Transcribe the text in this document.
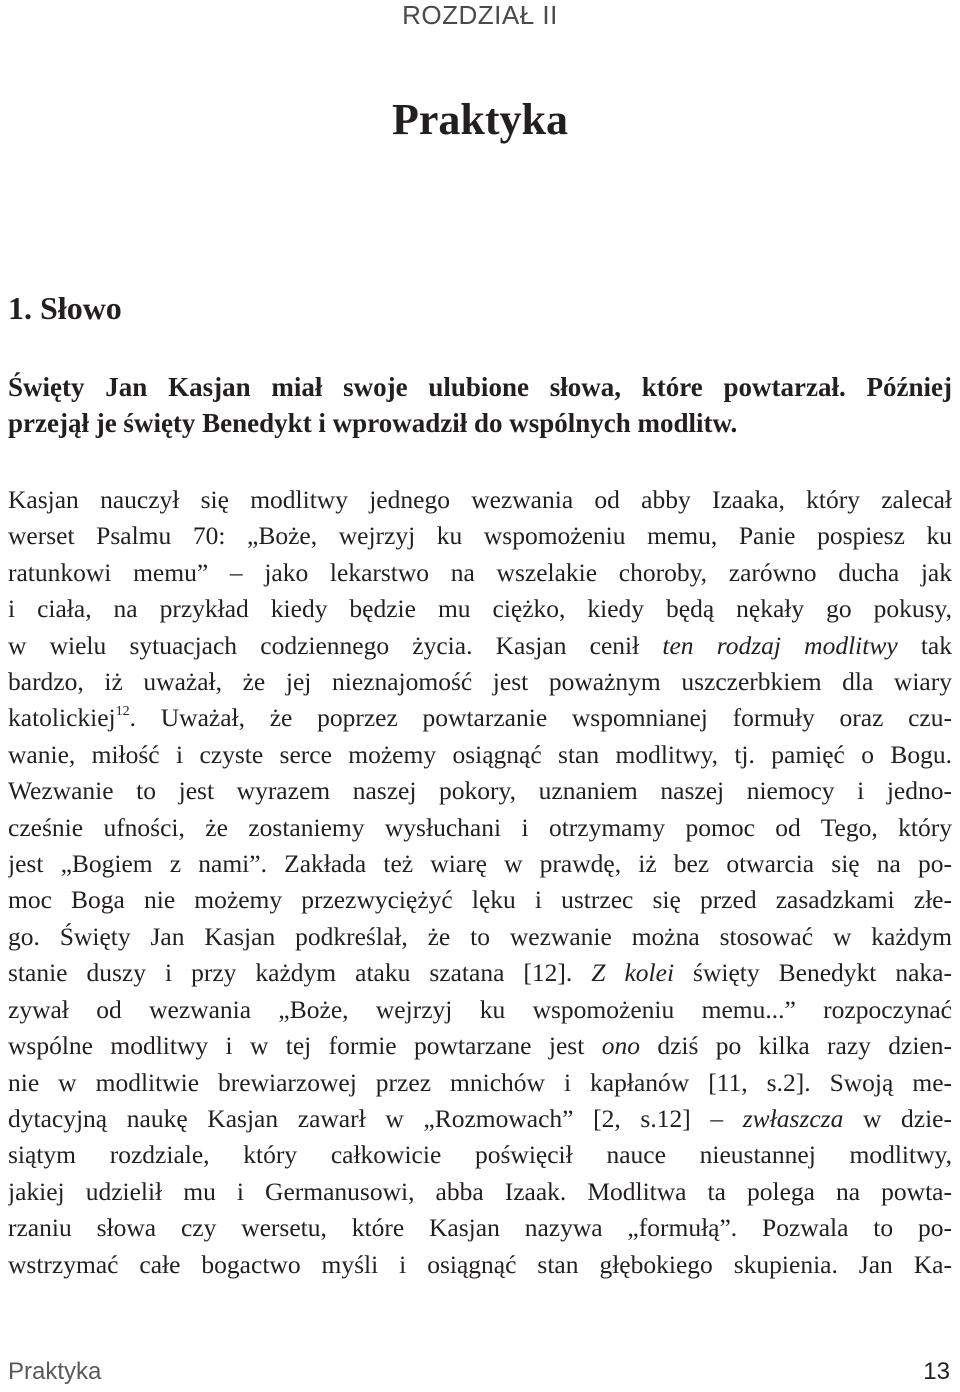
ROZDZIAŁ II
Praktyka
1. Słowo
Święty Jan Kasjan miał swoje ulubione słowa, które powtarzał. Później
przejął je święty Benedykt i wprowadził do wspólnych modlitw.
Kasjan nauczył się modlitwy jednego wezwania od abby Izaaka, który zalecał
werset Psalmu 70: „Boże, wejrzyj ku wspomożeniu memu, Panie pospiesz ku
ratunkowi memu” – jako lekarstwo na wszelakie choroby, zarówno ducha jak
i ciała, na przykład kiedy będzie mu ciężko, kiedy będą nękały go pokusy,
w wielu sytuacjach codziennego życia. Kasjan cenił ten rodzaj modlitwy tak
bardzo, iż uważał, że jej nieznajomość jest poważnym uszczerbkiem dla wiary
katolickiej$^{12}$. Uważał, że poprzez powtarzanie wspomnianej formuły oraz czu-
wanie, miłość i czyste serce możemy osiągnąć stan modlitwy, tj. pamięć o Bogu.
Wezwanie to jest wyrazem naszej pokory, uznaniem naszej niemocy i jedno-
cześnie ufności, że zostaniemy wysłuchani i otrzymamy pomoc od Tego, który
jest „Bogiem z nami”. Zakłada też wiarę w prawdę, iż bez otwarcia się na po-
moc Boga nie możemy przezwyciężyć lęku i ustrzec się przed zasadzkami złe-
go. Święty Jan Kasjan podkreślał, że to wezwanie można stosować w każdym
stanie duszy i przy każdym ataku szatana [12]. Z kolei święty Benedykt naka-
zywał od wezwania „Boże, wejrzyj ku wspomożeniu memu...” rozpoczynać
wspólne modlitwy i w tej formie powtarzane jest ono dziś po kilka razy dzien-
nie w modlitwie brewiarzowej przez mnichów i kapłanów [11, s.2]. Swoją me-
dytacyjną naukę Kasjan zawarł w „Rozmowach” [2, s.12] – zwłaszcza w dzie-
siątym rozdziale, który całkowicie poświęcił nauce nieustannej modlitwy,
jakiej udzielił mu i Germanusowi, abba Izaak. Modlitwa ta polega na powta-
rzaniu słowa czy wersetu, które Kasjan nazywa „formułą”. Pozwala to po-
wstrzymać całe bogactwo myśli i osiągnąć stan głębokiego skupienia. Jan Ka-
Praktyka	13
